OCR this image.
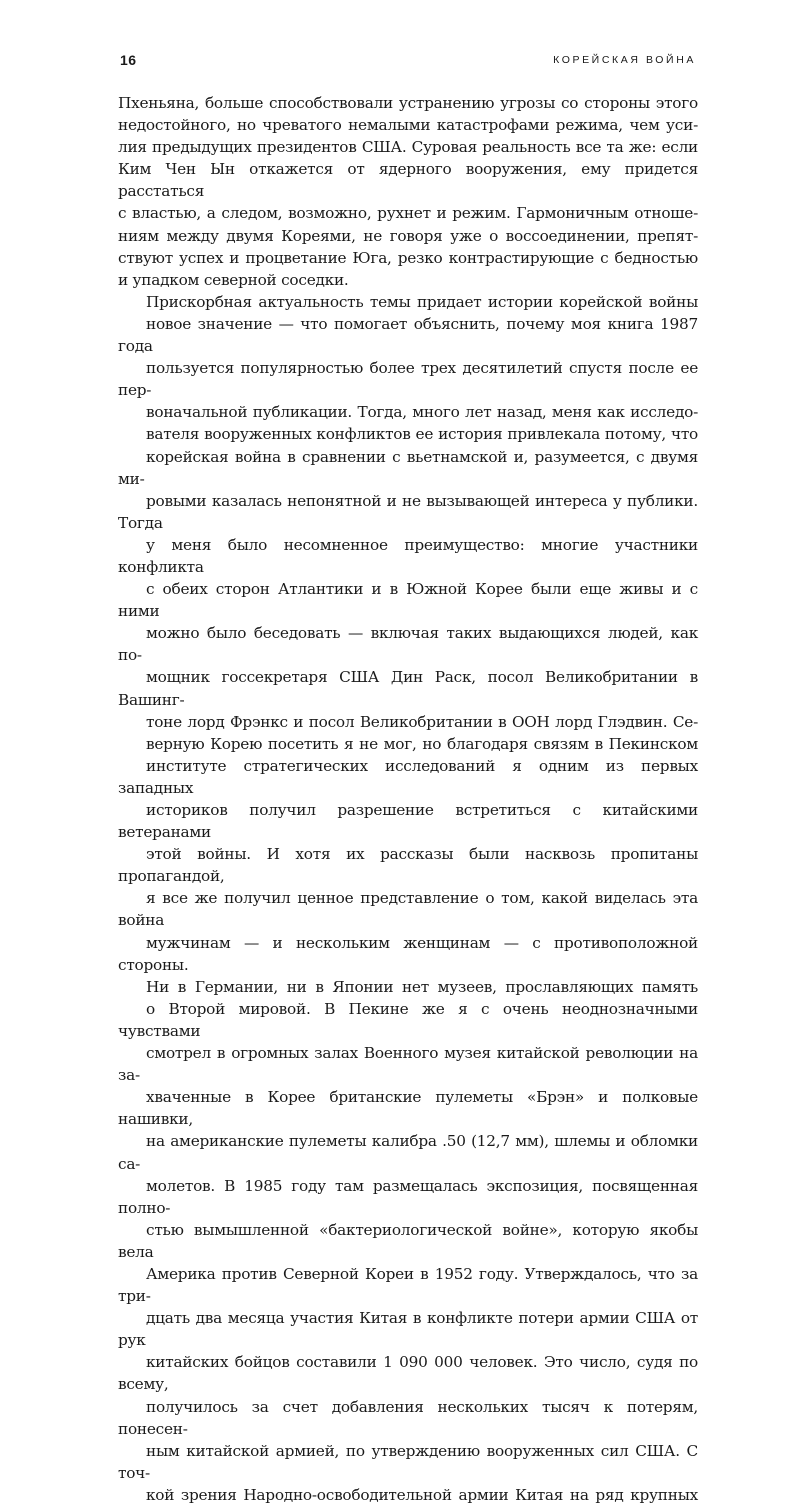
16	КОРЕЙСКАЯ ВОЙНА

Пхеньяна, больше способствовали устранению угрозы со стороны этого
недостойного, но чреватого немалыми катастрофами режима, чем уси-
лия предыдущих президентов США. Суровая реальность все та же: если
Ким Чен Ын откажется от ядерного вооружения, ему придется расстаться
с властью, а следом, возможно, рухнет и режим. Гармоничным отноше-
ниям между двумя Кореями, не говоря уже о воссоединении, препят-
ствуют успех и процветание Юга, резко контрастирующие с бедностью
и упадком северной соседки.

Прискорбная актуальность темы придает истории корейской войны
новое значение — что помогает объяснить, почему моя книга 1987 года
пользуется популярностью более трех десятилетий спустя после ее пер-
воначальной публикации. Тогда, много лет назад, меня как исследо-
вателя вооруженных конфликтов ее история привлекала потому, что
корейская война в сравнении с вьетнамской и, разумеется, с двумя ми-
ровыми казалась непонятной и не вызывающей интереса у публики. Тогда
у меня было несомненное преимущество: многие участники конфликта
с обеих сторон Атлантики и в Южной Корее были еще живы и с ними
можно было беседовать — включая таких выдающихся людей, как по-
мощник госсекретаря США Дин Раск, посол Великобритании в Вашинг-
тоне лорд Фрэнкс и посол Великобритании в ООН лорд Глэдвин. Се-
верную Корею посетить я не мог, но благодаря связям в Пекинском
институте стратегических исследований я одним из первых западных
историков получил разрешение встретиться с китайскими ветеранами
этой войны. И хотя их рассказы были насквозь пропитаны пропагандой,
я все же получил ценное представление о том, какой виделась эта война
мужчинам — и нескольким женщинам — с противоположной стороны.

Ни в Германии, ни в Японии нет музеев, прославляющих память
о Второй мировой. В Пекине же я с очень неоднозначными чувствами
смотрел в огромных залах Военного музея китайской революции на за-
хваченные в Корее британские пулеметы «Брэн» и полковые нашивки,
на американские пулеметы калибра .50 (12,7 мм), шлемы и обломки са-
молетов. В 1985 году там размещалась экспозиция, посвященная полно-
стью вымышленной «бактериологической войне», которую якобы вела
Америка против Северной Кореи в 1952 году. Утверждалось, что за три-
дцать два месяца участия Китая в конфликте потери армии США от рук
китайских бойцов составили 1 090 000 человек. Это число, судя по всему,
получилось за счет добавления нескольких тысяч к потерям, понесен-
ным китайской армией, по утверждению вооруженных сил США. С точ-
кой зрения Народно-освободительной армии Китая на ряд крупных
